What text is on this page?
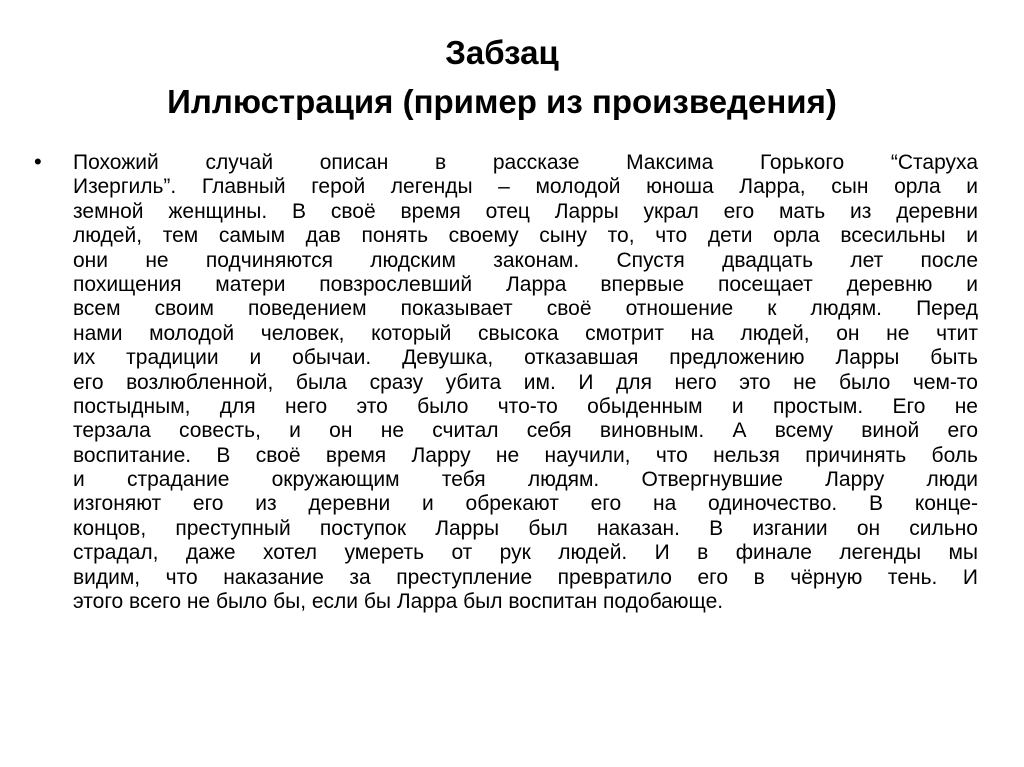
Забзац
Иллюстрация (пример из произведения)
• Похожий случай описан в рассказе Максима Горького “Старуха
Изергиль”. Главный герой легенды – молодой юноша Ларра, сын орла и
земной женщины. В своё время отец Ларры украл его мать из деревни
людей, тем самым дав понять своему сыну то, что дети орла всесильны и
они не подчиняются людским законам. Спустя двадцать лет после
похищения матери повзрослевший Ларра впервые посещает деревню и
всем своим поведением показывает своё отношение к людям. Перед
нами молодой человек, который свысока смотрит на людей, он не чтит
их традиции и обычаи. Девушка, отказавшая предложению Ларры быть
его возлюбленной, была сразу убита им. И для него это не было чем-то
постыдным, для него это было что-то обыденным и простым. Его не
терзала совесть, и он не считал себя виновным. А всему виной его
воспитание. В своё время Ларру не научили, что нельзя причинять боль
и страдание окружающим тебя людям. Отвергнувшие Ларру люди
изгоняют его из деревни и обрекают его на одиночество. В конце-
концов, преступный поступок Ларры был наказан. В изгании он сильно
страдал, даже хотел умереть от рук людей. И в финале легенды мы
видим, что наказание за преступление превратило его в чёрную тень. И
этого всего не было бы, если бы Ларра был воспитан подобающе.
